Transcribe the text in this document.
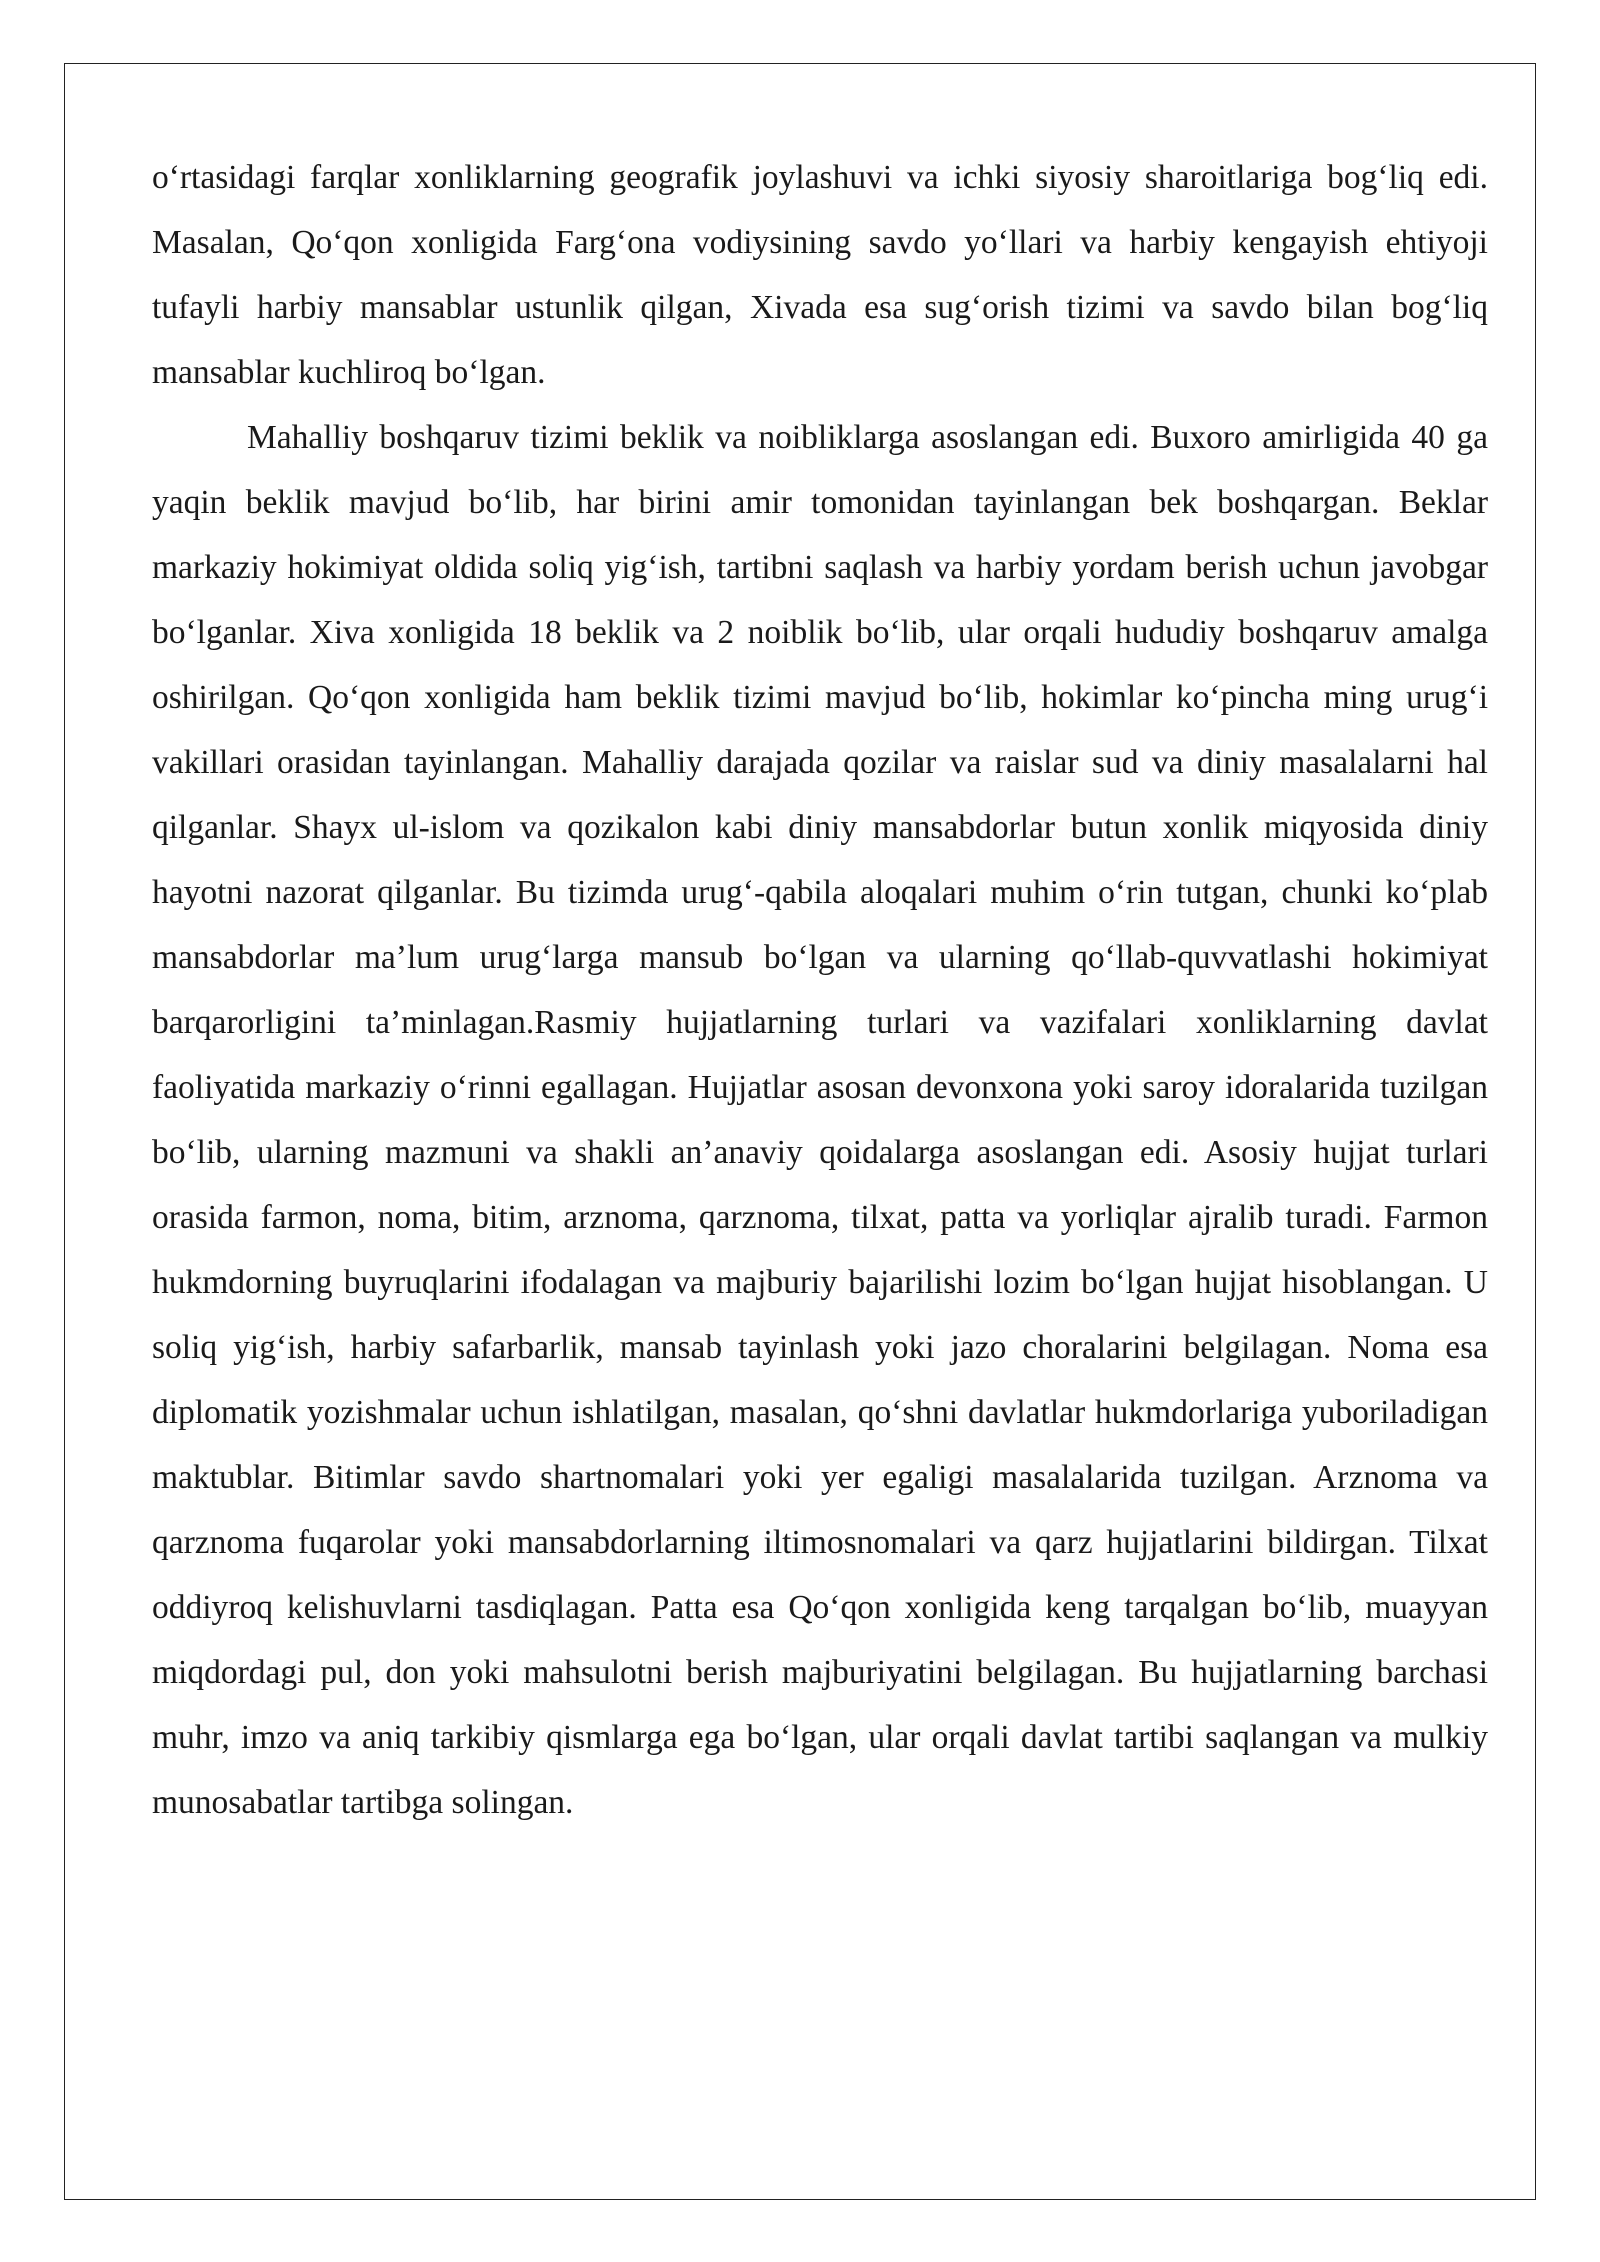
o‘rtasidagi farqlar xonliklarning geografik joylashuvi va ichki siyosiy sharoitlariga bog‘liq edi. Masalan, Qo‘qon xonligida Farg‘ona vodiysining savdo yo‘llari va harbiy kengayish ehtiyoji tufayli harbiy mansablar ustunlik qilgan, Xivada esa sug‘orish tizimi va savdo bilan bog‘liq mansablar kuchliroq bo‘lgan.

Mahalliy boshqaruv tizimi beklik va noibliklarga asoslangan edi. Buxoro amirligida 40 ga yaqin beklik mavjud bo‘lib, har birini amir tomonidan tayinlangan bek boshqargan. Beklar markaziy hokimiyat oldida soliq yig‘ish, tartibni saqlash va harbiy yordam berish uchun javobgar bo‘lganlar. Xiva xonligida 18 beklik va 2 noiblik bo‘lib, ular orqali hududiy boshqaruv amalga oshirilgan. Qo‘qon xonligida ham beklik tizimi mavjud bo‘lib, hokimlar ko‘pincha ming urug‘i vakillari orasidan tayinlangan. Mahalliy darajada qozilar va raislar sud va diniy masalalarni hal qilganlar. Shayx ul-islom va qozikalon kabi diniy mansabdorlar butun xonlik miqyosida diniy hayotni nazorat qilganlar. Bu tizimda urug‘-qabila aloqalari muhim o‘rin tutgan, chunki ko‘plab mansabdorlar ma’lum urug‘larga mansub bo‘lgan va ularning qo‘llab-quvvatlashi hokimiyat barqarorligini ta’minlagan.Rasmiy hujjatlarning turlari va vazifalari xonliklarning davlat faoliyatida markaziy o‘rinni egallagan. Hujjatlar asosan devonxona yoki saroy idoralarida tuzilgan bo‘lib, ularning mazmuni va shakli an’anaviy qoidalarga asoslangan edi. Asosiy hujjat turlari orasida farmon, noma, bitim, arznoma, qarznoma, tilxat, patta va yorliqlar ajralib turadi. Farmon hukmdorning buyruqlarini ifodalagan va majburiy bajarilishi lozim bo‘lgan hujjat hisoblangan. U soliq yig‘ish, harbiy safarbarlik, mansab tayinlash yoki jazo choralarini belgilagan. Noma esa diplomatik yozishmalar uchun ishlatilgan, masalan, qo‘shni davlatlar hukmdorlariga yuboriladigan maktublar. Bitimlar savdo shartnomalari yoki yer egaligi masalalarida tuzilgan. Arznoma va qarznoma fuqarolar yoki mansabdorlarning iltimosnomalari va qarz hujjatlarini bildirgan. Tilxat oddiyroq kelishuvlarni tasdiqlagan. Patta esa Qo‘qon xonligida keng tarqalgan bo‘lib, muayyan miqdordagi pul, don yoki mahsulotni berish majburiyatini belgilagan. Bu hujjatlarning barchasi muhr, imzo va aniq tarkibiy qismlarga ega bo‘lgan, ular orqali davlat tartibi saqlangan va mulkiy munosabatlar tartibga solingan.
